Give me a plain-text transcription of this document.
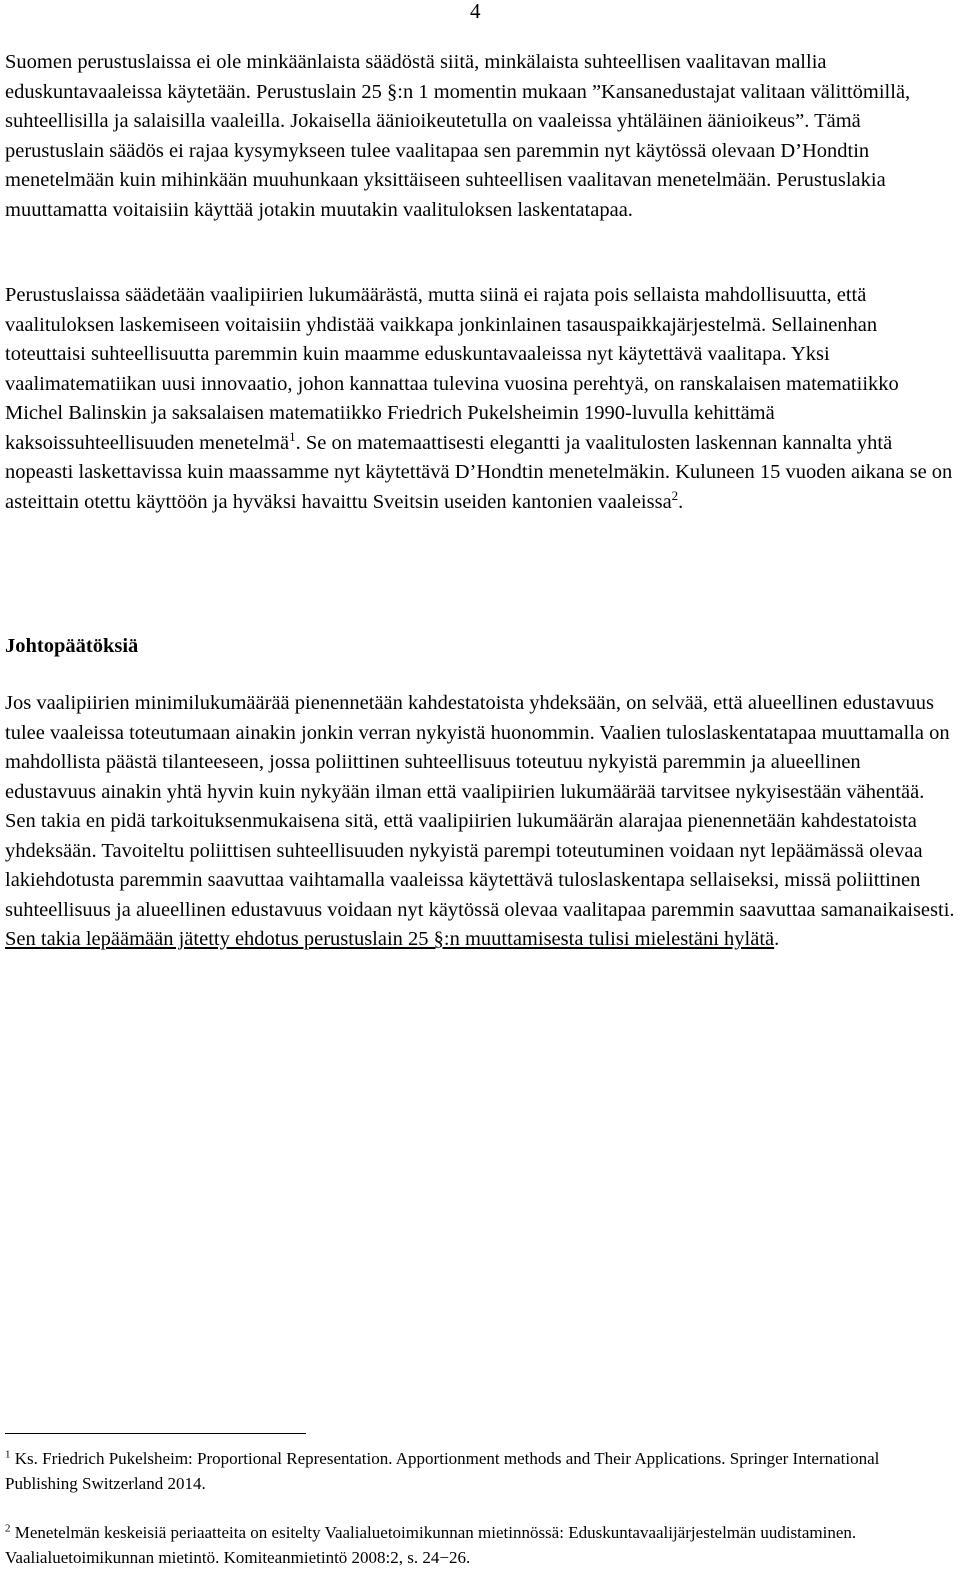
4

Suomen perustuslaissa ei ole minkäänlaista säädöstä siitä, minkälaista suhteellisen vaalitavan mallia eduskuntavaaleissa käytetään. Perustuslain 25 §:n 1 momentin mukaan ”Kansanedustajat valitaan välittömillä, suhteellisilla ja salaisilla vaaleilla. Jokaisella äänioikeutetulla on vaaleissa yhtäläinen äänioikeus”. Tämä perustuslain säädös ei rajaa kysymykseen tulee vaalitapaa sen paremmin nyt käytössä olevaan D’Hondtin menetelmään kuin mihinkään muuhunkaan yksittäiseen suhteellisen vaalitavan menetelmään. Perustuslakia muuttamatta voitaisiin käyttää jotakin muutakin vaalituloksen laskentatapaa.

Perustuslaissa säädetään vaalipiirien lukumäärästä, mutta siinä ei rajata pois sellaista mahdollisuutta, että vaalituloksen laskemiseen voitaisiin yhdistää vaikkapa jonkinlainen tasauspaikkajärjestelmä. Sellainenhan toteuttaisi suhteellisuutta paremmin kuin maamme eduskuntavaaleissa nyt käytettävä vaalitapa. Yksi vaalimatematiikan uusi innovaatio, johon kannattaa tulevina vuosina perehtyä, on ranskalaisen matematiikko Michel Balinskin ja saksalaisen matematiikko Friedrich Pukelsheimin 1990-luvulla kehittämä kaksoissuhteellisuuden menetelmä$^1$. Se on matemaattisesti elegantti ja vaalitulosten laskennan kannalta yhtä nopeasti laskettavissa kuin maassamme nyt käytettävä D’Hondtin menetelmäkin. Kuluneen 15 vuoden aikana se on asteittain otettu käyttöön ja hyväksi havaittu Sveitsin useiden kantonien vaaleissa$^2$.

Johtopäätöksiä

Jos vaalipiirien minimilukumäärää pienennetään kahdestatoista yhdeksään, on selvää, että alueellinen edustavuus tulee vaaleissa toteutumaan ainakin jonkin verran nykyistä huonommin. Vaalien tuloslaskentatapaa muuttamalla on mahdollista päästä tilanteeseen, jossa poliittinen suhteellisuus toteutuu nykyistä paremmin ja alueellinen edustavuus ainakin yhtä hyvin kuin nykyään ilman että vaalipiirien lukumäärää tarvitsee nykyisestään vähentää. Sen takia en pidä tarkoituksenmukaisena sitä, että vaalipiirien lukumäärän alarajaa pienennetään kahdestatoista yhdeksään. Tavoiteltu poliittisen suhteellisuuden nykyistä parempi toteutuminen voidaan nyt lepäämässä olevaa lakiehdotusta paremmin saavuttaa vaihtamalla vaaleissa käytettävä tuloslaskentapa sellaiseksi, missä poliittinen suhteellisuus ja alueellinen edustavuus voidaan nyt käytössä olevaa vaalitapaa paremmin saavuttaa samanaikaisesti. Sen takia lepäämään jätetty ehdotus perustuslain 25 §:n muuttamisesta tulisi mielestäni hylätä.

$^1$ Ks. Friedrich Pukelsheim: Proportional Representation. Apportionment methods and Their Applications. Springer International Publishing Switzerland 2014.

$^2$ Menetelmän keskeisiä periaatteita on esitelty Vaalialuetoimikunnan mietinnössä: Eduskuntavaalijärjestelmän uudistaminen. Vaalialuetoimikunnan mietintö. Komiteanmietintö 2008:2, s. 24−26.
